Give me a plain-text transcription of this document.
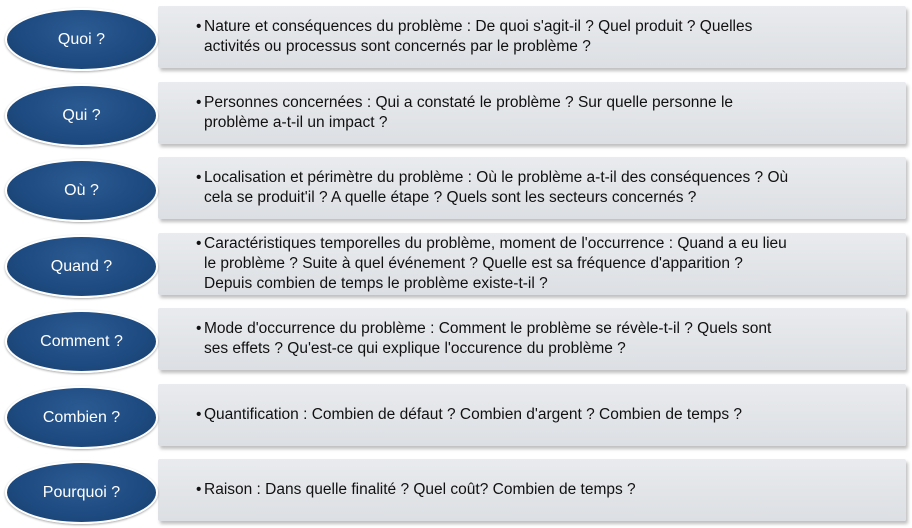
• Nature et conséquences du problème : De quoi s'agit-il ? Quel produit ? Quelles
activités ou processus sont concernés par le problème ?
Quoi ?
• Personnes concernées : Qui a constaté le problème ? Sur quelle personne le
problème a-t-il un impact ?
Qui ?
• Localisation et périmètre du problème : Où le problème a-t-il des conséquences ? Où
cela se produit'il ? A quelle étape ? Quels sont les secteurs concernés ?
Où ?
• Caractéristiques temporelles du problème, moment de l'occurrence : Quand a eu lieu
le problème ? Suite à quel événement ? Quelle est sa fréquence d'apparition ?
Depuis combien de temps le problème existe-t-il ?
Quand ?
• Mode d'occurrence du problème : Comment le problème se révèle-t-il ? Quels sont
ses effets ? Qu'est-ce qui explique l'occurence du problème ?
Comment ?
• Quantification : Combien de défaut ? Combien d'argent ? Combien de temps ?
Combien ?
• Raison : Dans quelle finalité ? Quel coût? Combien de temps ?
Pourquoi ?
